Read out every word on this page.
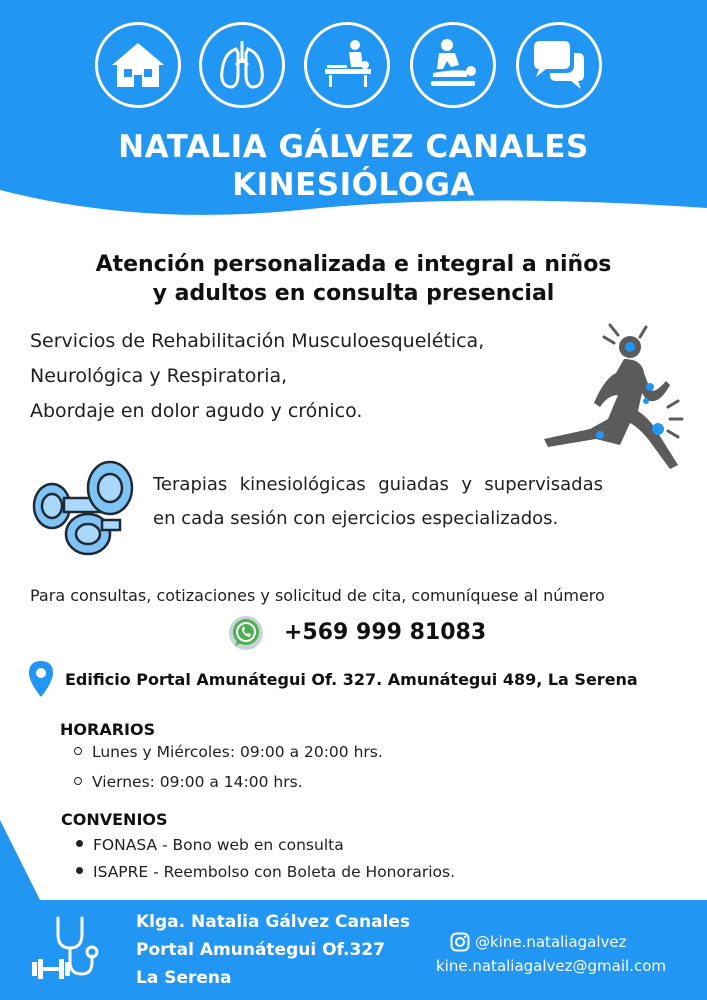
NATALIA GÁLVEZ CANALES
KINESIÓLOGA
Atención personalizada e integral a niños
y adultos en consulta presencial
Servicios de Rehabilitación Musculoesquelética,
Neurológica y Respiratoria,
Abordaje en dolor agudo y crónico.
Terapias kinesiológicas guiadas y supervisadas en cada sesión con ejercicios especializados.
Para consultas, cotizaciones y solicitud de cita, comuníquese al número
+569 999 81083
Edificio Portal Amunátegui Of. 327. Amunátegui 489, La Serena
HORARIOS
Lunes y Miércoles: 09:00 a 20:00 hrs.
Viernes: 09:00 a 14:00 hrs.
CONVENIOS
FONASA - Bono web en consulta
ISAPRE - Reembolso con Boleta de Honorarios.
Klga. Natalia Gálvez Canales
Portal Amunátegui Of.327
La Serena
@kine.nataliagalvez
kine.nataliagalvez@gmail.com
